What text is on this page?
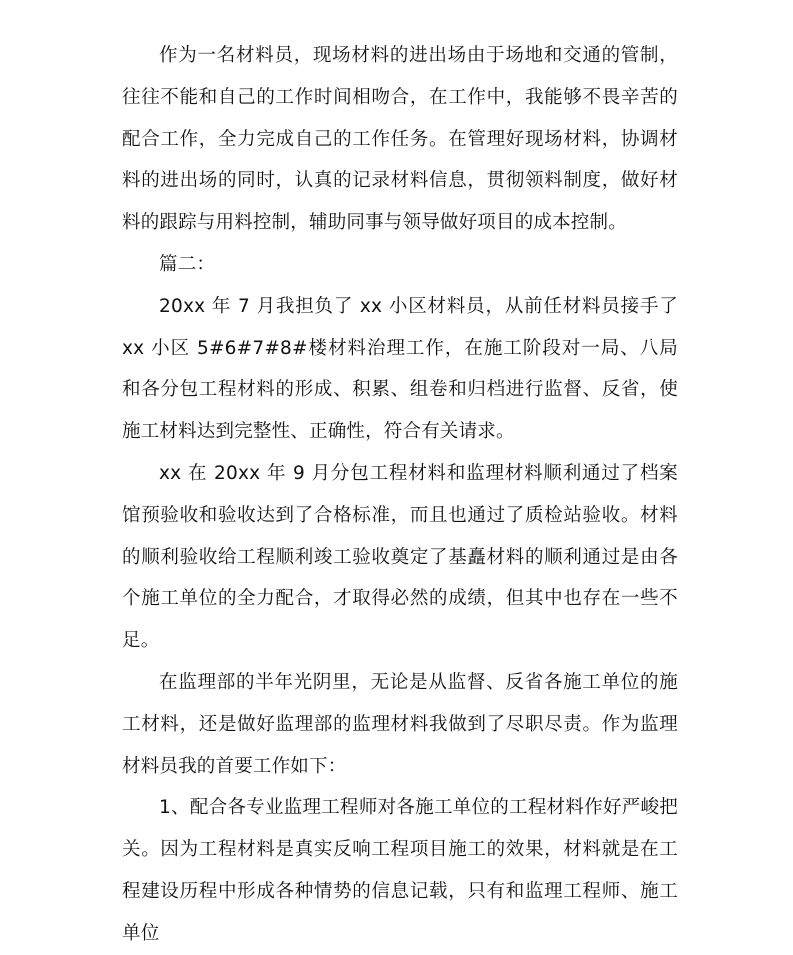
作为一名材料员，现场材料的进出场由于场地和交通的管制，往往不能和自己的工作时间相吻合，在工作中，我能够不畏辛苦的配合工作，全力完成自己的工作任务。在管理好现场材料，协调材料的进出场的同时，认真的记录材料信息，贯彻领料制度，做好材料的跟踪与用料控制，辅助同事与领导做好项目的成本控制。

篇二：

20xx 年 7 月我担负了 xx 小区材料员，从前任材料员接手了 xx 小区 5#6#7#8#楼材料治理工作，在施工阶段对一局、八局和各分包工程材料的形成、积累、组卷和归档进行监督、反省，使施工材料达到完整性、正确性，符合有关请求。

xx 在 20xx 年 9 月分包工程材料和监理材料顺利通过了档案馆预验收和验收达到了合格标准，而且也通过了质检站验收。材料的顺利验收给工程顺利竣工验收奠定了基矗材料的顺利通过是由各个施工单位的全力配合，才取得必然的成绩，但其中也存在一些不足。

在监理部的半年光阴里，无论是从监督、反省各施工单位的施工材料，还是做好监理部的监理材料我做到了尽职尽责。作为监理材料员我的首要工作如下：

1、配合各专业监理工程师对各施工单位的工程材料作好严峻把关。因为工程材料是真实反响工程项目施工的效果，材料就是在工程建设历程中形成各种情势的信息记载，只有和监理工程师、施工单位
